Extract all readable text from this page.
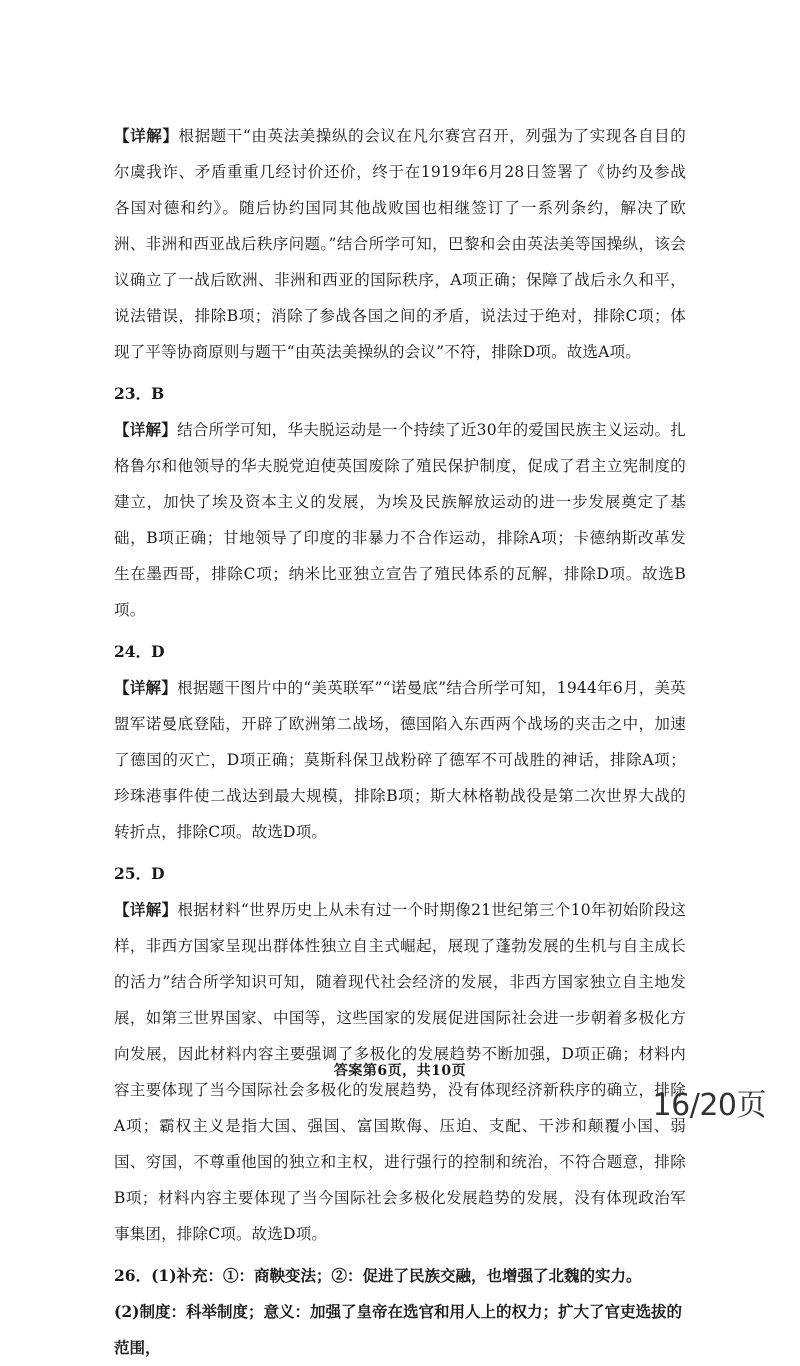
【详解】根据题干“由英法美操纵的会议在凡尔赛宫召开，列强为了实现各自目的尔虞我诈、矛盾重重几经讨价还价，终于在1919年6月28日签署了《协约及参战各国对德和约》。随后协约国同其他战败国也相继签订了一系列条约，解决了欧洲、非洲和西亚战后秩序问题。”结合所学可知，巴黎和会由英法美等国操纵，该会议确立了一战后欧洲、非洲和西亚的国际秩序，A项正确；保障了战后永久和平，说法错误，排除B项；消除了参战各国之间的矛盾，说法过于绝对，排除C项；体现了平等协商原则与题干“由英法美操纵的会议”不符，排除D项。故选A项。

23．B

【详解】结合所学可知，华夫脱运动是一个持续了近30年的爱国民族主义运动。扎格鲁尔和他领导的华夫脱党迫使英国废除了殖民保护制度，促成了君主立宪制度的建立，加快了埃及资本主义的发展，为埃及民族解放运动的进一步发展奠定了基础，B项正确；甘地领导了印度的非暴力不合作运动，排除A项；卡德纳斯改革发生在墨西哥，排除C项；纳米比亚独立宣告了殖民体系的瓦解，排除D项。故选B项。

24．D

【详解】根据题干图片中的“美英联军”“诺曼底”结合所学可知，1944年6月，美英盟军诺曼底登陆，开辟了欧洲第二战场，德国陷入东西两个战场的夹击之中，加速了德国的灭亡，D项正确；莫斯科保卫战粉碎了德军不可战胜的神话，排除A项；珍珠港事件使二战达到最大规模，排除B项；斯大林格勒战役是第二次世界大战的转折点，排除C项。故选D项。

25．D

【详解】根据材料“世界历史上从未有过一个时期像21世纪第三个10年初始阶段这样，非西方国家呈现出群体性独立自主式崛起，展现了蓬勃发展的生机与自主成长的活力”结合所学知识可知，随着现代社会经济的发展，非西方国家独立自主地发展，如第三世界国家、中国等，这些国家的发展促进国际社会进一步朝着多极化方向发展，因此材料内容主要强调了多极化的发展趋势不断加强，D项正确；材料内容主要体现了当今国际社会多极化的发展趋势，没有体现经济新秩序的确立，排除A项；霸权主义是指大国、强国、富国欺侮、压迫、支配、干涉和颠覆小国、弱国、穷国，不尊重他国的独立和主权，进行强行的控制和统治，不符合题意，排除B项；材料内容主要体现了当今国际社会多极化发展趋势的发展，没有体现政治军事集团，排除C项。故选D项。

26．(1)补充：①：商鞅变法；②：促进了民族交融，也增强了北魏的实力。

(2)制度：科举制度；意义：加强了皇帝在选官和用人上的权力；扩大了官吏选拔的范围，

答案第6页，共10页
16/20页
